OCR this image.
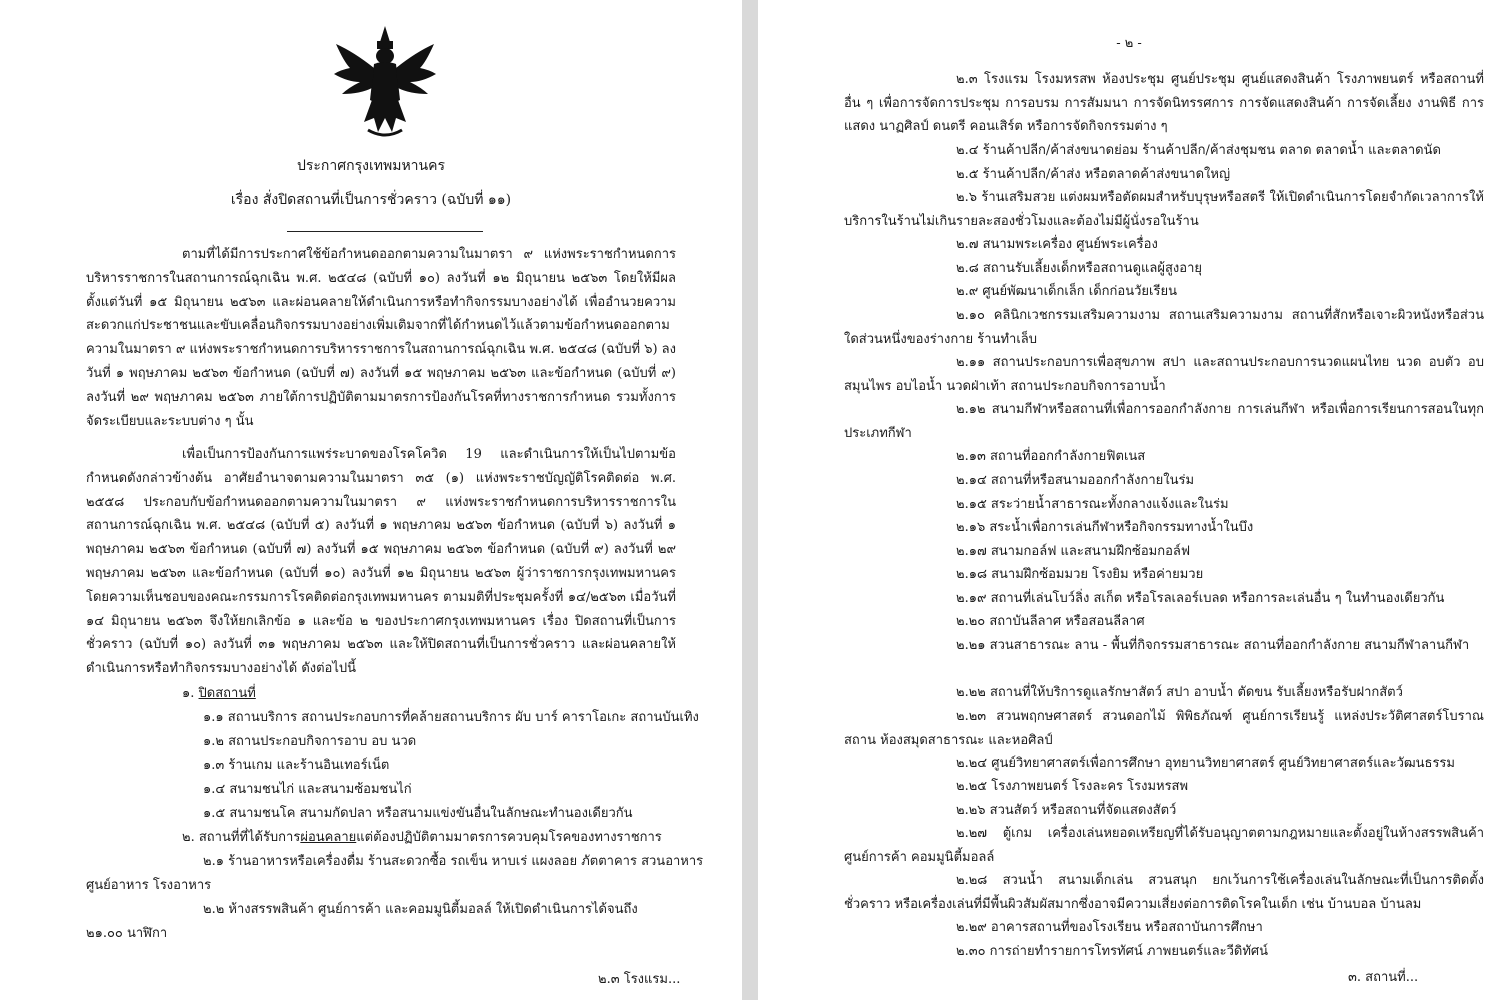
ประกาศกรุงเทพมหานคร
เรื่อง สั่งปิดสถานที่เป็นการชั่วคราว (ฉบับที่ ๑๑)

ตามที่ได้มีการประกาศใช้ข้อกำหนดออกตามความในมาตรา ๙ แห่งพระราชกำหนดการบริหารราชการในสถานการณ์ฉุกเฉิน พ.ศ. ๒๕๔๘ (ฉบับที่ ๑๐) ลงวันที่ ๑๒ มิถุนายน ๒๕๖๓ โดยให้มีผลตั้งแต่วันที่ ๑๕ มิถุนายน ๒๕๖๓ และผ่อนคลายให้ดำเนินการหรือทำกิจกรรมบางอย่างได้ เพื่ออำนวยความสะดวกแก่ประชาชนและขับเคลื่อนกิจกรรมบางอย่างเพิ่มเติมจากที่ได้กำหนดไว้แล้วตามข้อกำหนดออกตามความในมาตรา ๙ แห่งพระราชกำหนดการบริหารราชการในสถานการณ์ฉุกเฉิน พ.ศ. ๒๕๔๘ (ฉบับที่ ๖) ลงวันที่ ๑ พฤษภาคม ๒๕๖๓ ข้อกำหนด (ฉบับที่ ๗) ลงวันที่ ๑๕ พฤษภาคม ๒๕๖๓ และข้อกำหนด (ฉบับที่ ๙) ลงวันที่ ๒๙ พฤษภาคม ๒๕๖๓ ภายใต้การปฏิบัติตามมาตรการป้องกันโรคที่ทางราชการกำหนด รวมทั้งการจัดระเบียบและระบบต่าง ๆ นั้น

เพื่อเป็นการป้องกันการแพร่ระบาดของโรคโควิด 19 และดำเนินการให้เป็นไปตามข้อกำหนดดังกล่าวข้างต้น อาศัยอำนาจตามความในมาตรา ๓๕ (๑) แห่งพระราชบัญญัติโรคติดต่อ พ.ศ. ๒๕๕๘ ประกอบกับข้อกำหนดออกตามความในมาตรา ๙ แห่งพระราชกำหนดการบริหารราชการในสถานการณ์ฉุกเฉิน พ.ศ. ๒๕๔๘ (ฉบับที่ ๕) ลงวันที่ ๑ พฤษภาคม ๒๕๖๓ ข้อกำหนด (ฉบับที่ ๖) ลงวันที่ ๑ พฤษภาคม ๒๕๖๓ ข้อกำหนด (ฉบับที่ ๗) ลงวันที่ ๑๕ พฤษภาคม ๒๕๖๓ ข้อกำหนด (ฉบับที่ ๙) ลงวันที่ ๒๙ พฤษภาคม ๒๕๖๓ และข้อกำหนด (ฉบับที่ ๑๐) ลงวันที่ ๑๒ มิถุนายน ๒๕๖๓ ผู้ว่าราชการกรุงเทพมหานคร โดยความเห็นชอบของคณะกรรมการโรคติดต่อกรุงเทพมหานคร ตามมติที่ประชุมครั้งที่ ๑๔/๒๕๖๓ เมื่อวันที่ ๑๔ มิถุนายน ๒๕๖๓ จึงให้ยกเลิกข้อ ๑ และข้อ ๒ ของประกาศกรุงเทพมหานคร เรื่อง ปิดสถานที่เป็นการชั่วคราว (ฉบับที่ ๑๐) ลงวันที่ ๓๑ พฤษภาคม ๒๕๖๓ และให้ปิดสถานที่เป็นการชั่วคราว และผ่อนคลายให้ดำเนินการหรือทำกิจกรรมบางอย่างได้ ดังต่อไปนี้

๑. ปิดสถานที่
๑.๑ สถานบริการ สถานประกอบการที่คล้ายสถานบริการ ผับ บาร์ คาราโอเกะ สถานบันเทิง
๑.๒ สถานประกอบกิจการอาบ อบ นวด
๑.๓ ร้านเกม และร้านอินเทอร์เน็ต
๑.๔ สนามชนไก่ และสนามซ้อมชนไก่
๑.๕ สนามชนโค สนามกัดปลา หรือสนามแข่งขันอื่นในลักษณะทำนองเดียวกัน
๒. สถานที่ที่ได้รับการผ่อนคลายแต่ต้องปฏิบัติตามมาตรการควบคุมโรคของทางราชการ
๒.๑ ร้านอาหารหรือเครื่องดื่ม ร้านสะดวกซื้อ รถเข็น หาบเร่ แผงลอย ภัตตาคาร สวนอาหาร
ศูนย์อาหาร โรงอาหาร
๒.๒ ห้างสรรพสินค้า ศูนย์การค้า และคอมมูนิตี้มอลล์ ให้เปิดดำเนินการได้จนถึง
๒๑.๐๐ นาฬิกา
๒.๓ โรงแรม...
- ๒ -

๒.๓ โรงแรม โรงมหรสพ ห้องประชุม ศูนย์ประชุม ศูนย์แสดงสินค้า โรงภาพยนตร์ หรือสถานที่อื่น ๆ เพื่อการจัดการประชุม การอบรม การสัมมนา การจัดนิทรรศการ การจัดแสดงสินค้า การจัดเลี้ยง งานพิธี การแสดง นาฏศิลป์ ดนตรี คอนเสิร์ต หรือการจัดกิจกรรมต่าง ๆ

๒.๔ ร้านค้าปลีก/ค้าส่งขนาดย่อม ร้านค้าปลีก/ค้าส่งชุมชน ตลาด ตลาดน้ำ และตลาดนัด

๒.๕ ร้านค้าปลีก/ค้าส่ง หรือตลาดค้าส่งขนาดใหญ่

๒.๖ ร้านเสริมสวย แต่งผมหรือตัดผมสำหรับบุรุษหรือสตรี ให้เปิดดำเนินการโดยจำกัดเวลาการให้บริการในร้านไม่เกินรายละสองชั่วโมงและต้องไม่มีผู้นั่งรอในร้าน

๒.๗ สนามพระเครื่อง ศูนย์พระเครื่อง

๒.๘ สถานรับเลี้ยงเด็กหรือสถานดูแลผู้สูงอายุ

๒.๙ ศูนย์พัฒนาเด็กเล็ก เด็กก่อนวัยเรียน

๒.๑๐ คลินิกเวชกรรมเสริมความงาม สถานเสริมความงาม สถานที่สักหรือเจาะผิวหนังหรือส่วนใดส่วนหนึ่งของร่างกาย ร้านทำเล็บ

๒.๑๑ สถานประกอบการเพื่อสุขภาพ สปา และสถานประกอบการนวดแผนไทย นวด อบตัว อบสมุนไพร อบไอน้ำ นวดฝ่าเท้า สถานประกอบกิจการอาบน้ำ

๒.๑๒ สนามกีฬาหรือสถานที่เพื่อการออกกำลังกาย การเล่นกีฬา หรือเพื่อการเรียนการสอนในทุกประเภทกีฬา

๒.๑๓ สถานที่ออกกำลังกายฟิตเนส

๒.๑๔ สถานที่หรือสนามออกกำลังกายในร่ม

๒.๑๕ สระว่ายน้ำสาธารณะทั้งกลางแจ้งและในร่ม

๒.๑๖ สระน้ำเพื่อการเล่นกีฬาหรือกิจกรรมทางน้ำในบึง

๒.๑๗ สนามกอล์ฟ และสนามฝึกซ้อมกอล์ฟ

๒.๑๘ สนามฝึกซ้อมมวย โรงยิม หรือค่ายมวย

๒.๑๙ สถานที่เล่นโบว์ลิ่ง สเก็ต หรือโรลเลอร์เบลด หรือการละเล่นอื่น ๆ ในทำนองเดียวกัน

๒.๒๐ สถาบันลีลาศ หรือสอนลีลาศ

๒.๒๑ สวนสาธารณะ ลาน - พื้นที่กิจกรรมสาธารณะ สถานที่ออกกำลังกาย สนามกีฬาลานกีฬา

๒.๒๒ สถานที่ให้บริการดูแลรักษาสัตว์ สปา อาบน้ำ ตัดขน รับเลี้ยงหรือรับฝากสัตว์

๒.๒๓ สวนพฤกษศาสตร์ สวนดอกไม้ พิพิธภัณฑ์ ศูนย์การเรียนรู้ แหล่งประวัติศาสตร์โบราณสถาน ห้องสมุดสาธารณะ และหอศิลป์

๒.๒๔ ศูนย์วิทยาศาสตร์เพื่อการศึกษา อุทยานวิทยาศาสตร์ ศูนย์วิทยาศาสตร์และวัฒนธรรม

๒.๒๕ โรงภาพยนตร์ โรงละคร โรงมหรสพ

๒.๒๖ สวนสัตว์ หรือสถานที่จัดแสดงสัตว์

๒.๒๗ ตู้เกม เครื่องเล่นหยอดเหรียญที่ได้รับอนุญาตตามกฎหมายและตั้งอยู่ในห้างสรรพสินค้าศูนย์การค้า คอมมูนิตี้มอลล์

๒.๒๘ สวนน้ำ สนามเด็กเล่น สวนสนุก ยกเว้นการใช้เครื่องเล่นในลักษณะที่เป็นการติดตั้งชั่วคราว หรือเครื่องเล่นที่มีพื้นผิวสัมผัสมากซึ่งอาจมีความเสี่ยงต่อการติดโรคในเด็ก เช่น บ้านบอล บ้านลม

๒.๒๙ อาคารสถานที่ของโรงเรียน หรือสถาบันการศึกษา

๒.๓๐ การถ่ายทำรายการโทรทัศน์ ภาพยนตร์และวีดิทัศน์

๓. สถานที่...
